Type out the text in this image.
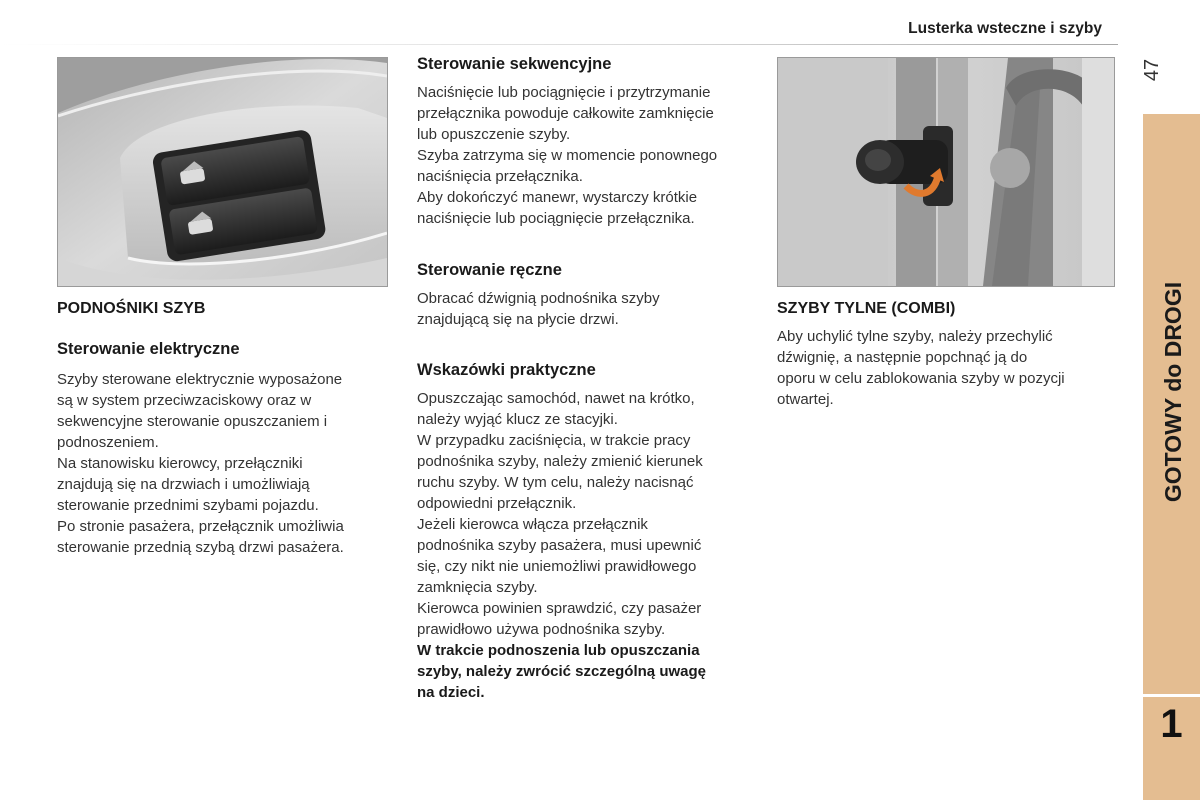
Lusterka wsteczne i szyby
47
GOTOWY do DROGI
1

PODNOŚNIKI SZYB

Sterowanie elektryczne

Szyby sterowane elektrycznie wyposażone

są w system przeciwzaciskowy oraz w

sekwencyjne sterowanie opuszczaniem i

podnoszeniem.

Na stanowisku kierowcy, przełączniki

znajdują się na drzwiach i umożliwiają

sterowanie przednimi szybami pojazdu.

Po stronie pasażera, przełącznik umożliwia

sterowanie przednią szybą drzwi pasażera.

Sterowanie sekwencyjne

Naciśnięcie lub pociągnięcie i przytrzymanie

przełącznika powoduje całkowite zamknięcie

lub opuszczenie szyby.

Szyba zatrzyma się w momencie ponownego

naciśnięcia przełącznika.

Aby dokończyć manewr, wystarczy krótkie

naciśnięcie lub pociągnięcie przełącznika.

Sterowanie ręczne

Obracać dźwignią podnośnika szyby

znajdującą się na płycie drzwi.

Wskazówki praktyczne

Opuszczając samochód, nawet na krótko,

należy wyjąć klucz ze stacyjki.

W przypadku zaciśnięcia, w trakcie pracy

podnośnika szyby, należy zmienić kierunek

ruchu szyby. W tym celu, należy nacisnąć

odpowiedni przełącznik.

Jeżeli kierowca włącza przełącznik

podnośnika szyby pasażera, musi upewnić

się, czy nikt nie uniemożliwi prawidłowego

zamknięcia szyby.

Kierowca powinien sprawdzić, czy pasażer

prawidłowo używa podnośnika szyby.

W trakcie podnoszenia lub opuszczania

szyby, należy zwrócić szczególną uwagę

na dzieci.

SZYBY TYLNE (COMBI)

Aby uchylić tylne szyby, należy przechylić

dźwignię, a następnie popchnąć ją do

oporu w celu zablokowania szyby w pozycji

otwartej.
